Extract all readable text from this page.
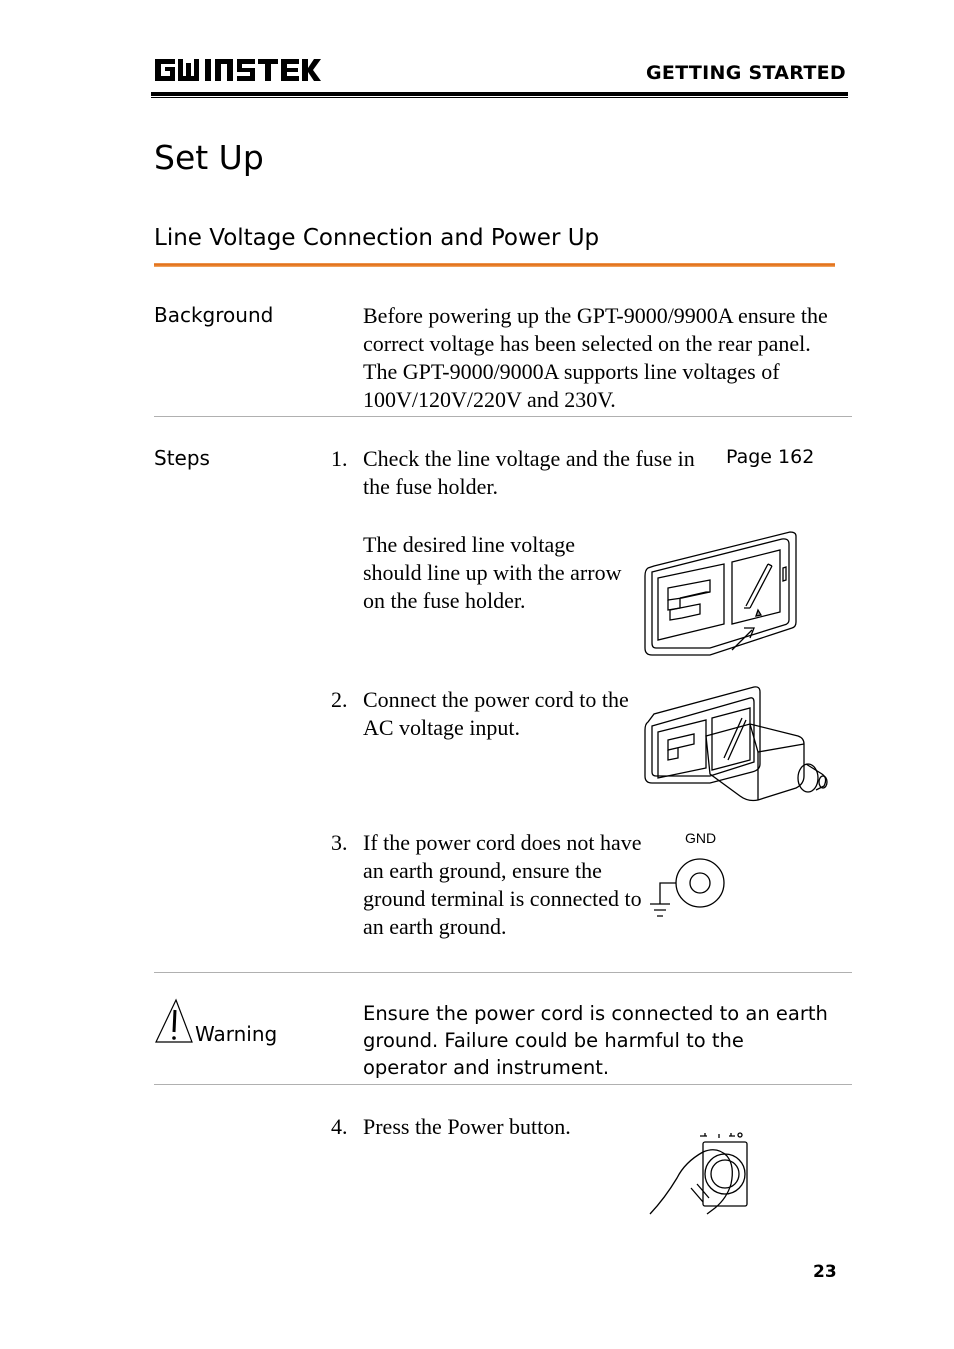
GETTING STARTED
Set Up
Line Voltage Connection and Power Up
Background	Before powering up the GPT-9000/9900A ensure the correct voltage has been selected on the rear panel. The GPT-9000/9000A supports line voltages of 100V/120V/220V and 230V.
Steps	1. Check the line voltage and the fuse in the fuse holder.
Page 162
The desired line voltage should line up with the arrow on the fuse holder.
2. Connect the power cord to the AC voltage input.
3. If the power cord does not have an earth ground, ensure the ground terminal is connected to an earth ground.
GND
Warning
Ensure the power cord is connected to an earth ground. Failure could be harmful to the operator and instrument.
4. Press the Power button.
23
